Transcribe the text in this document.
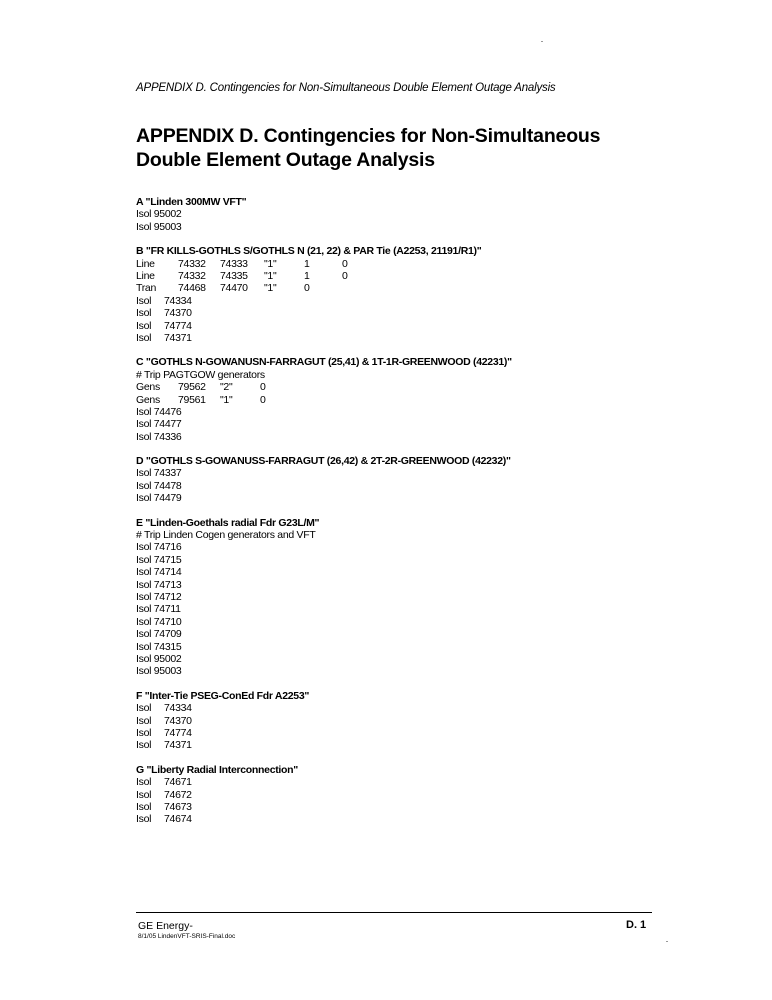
APPENDIX D. Contingencies for Non-Simultaneous Double Element Outage Analysis
APPENDIX D. Contingencies for Non-Simultaneous
Double Element Outage Analysis
A "Linden 300MW VFT"
Isol 95002
Isol 95003
B "FR KILLS-GOTHLS S/GOTHLS N (21, 22) & PAR Tie (A2253, 21191/R1)"
Line	74332	74333	"1"	1	0
Line	74332	74335	"1"	1	0
Tran	74468	74470	"1"	0
Isol	74334
Isol	74370
Isol	74774
Isol	74371
C "GOTHLS N-GOWANUSN-FARRAGUT (25,41) & 1T-1R-GREENWOOD (42231)"
# Trip PAGTGOW generators
Gens	79562	"2"	0
Gens	79561	"1"	0
Isol 74476
Isol 74477
Isol 74336
D "GOTHLS S-GOWANUSS-FARRAGUT (26,42) & 2T-2R-GREENWOOD (42232)"
Isol 74337
Isol 74478
Isol 74479
E "Linden-Goethals radial Fdr G23L/M"
# Trip Linden Cogen generators and VFT
Isol 74716
Isol 74715
Isol 74714
Isol 74713
Isol 74712
Isol 74711
Isol 74710
Isol 74709
Isol 74315
Isol 95002
Isol 95003
F "Inter-Tie PSEG-ConEd Fdr A2253"
Isol	74334
Isol	74370
Isol	74774
Isol	74371
G "Liberty Radial Interconnection"
Isol	74671
Isol	74672
Isol	74673
Isol	74674
GE Energy-
8/1/05 LindenVFT-SRIS-Final.doc
D. 1
